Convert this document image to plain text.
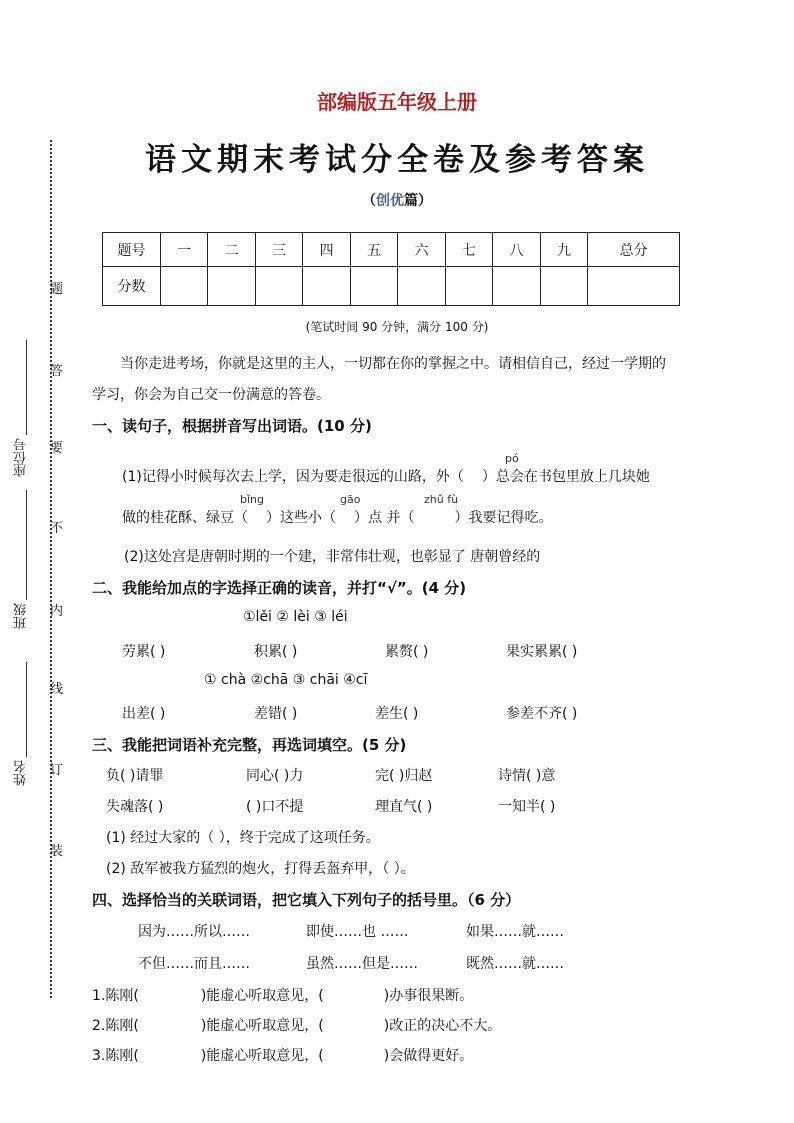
部编版五年级上册
语文期末考试分全卷及参考答案
（创优篇）
题号	一	二	三	四	五	六	七	八	九	总分
分数										
(笔试时间 90 分钟，满分 100 分)
题
答
要
不
内
线
订
装
座位号
班级
姓名
当你走进考场，你就是这里的主人，一切都在你的掌握之中。请相信自己，经过一学期的
学习，你会为自己交一份满意的答卷。
一、读句子，根据拼音写出词语。(10 分)
pó
(1)记得小时候每次去上学，因为要走很远的山路，外（ ）总会在书包里放上几块她
bǐng	gāo	zhǔ fù
做的桂花酥、绿豆（ ）这些小（ ）点 并（	）我要记得吃。
(2)这处宫是唐朝时期的一个建，非常伟壮观，也彰显了 唐朝曾经的
二、我能给加点的字选择正确的读音，并打“√”。(4 分)
①lěi ② lèi ③ léi
劳累( )	积累( )	累赘( )	果实累累( )
① chà ②chā ③ chāi ④cī
出差( )	差错( )	差生( )	参差不齐( )
三、我能把词语补充完整，再选词填空。(5 分)
负( )请罪	同心( )力	完( )归赵	诗情( )意
失魂落( )	( )口不提	理直气( )	一知半( )
(1) 经过大家的（ ），终于完成了这项任务。
(2) 敌军被我方猛烈的炮火，打得丢盔弃甲，（ ）。
四、选择恰当的关联词语，把它填入下列句子的括号里。（6 分）
因为……所以……	即使……也 ……	如果……就……
不但……而且……	虽然……但是……	既然……就……
1.陈刚(	)能虚心听取意见，(	)办事很果断。
2.陈刚(	)能虚心听取意见，(	)改正的决心不大。
3.陈刚(	)能虚心听取意见，(	)会做得更好。
